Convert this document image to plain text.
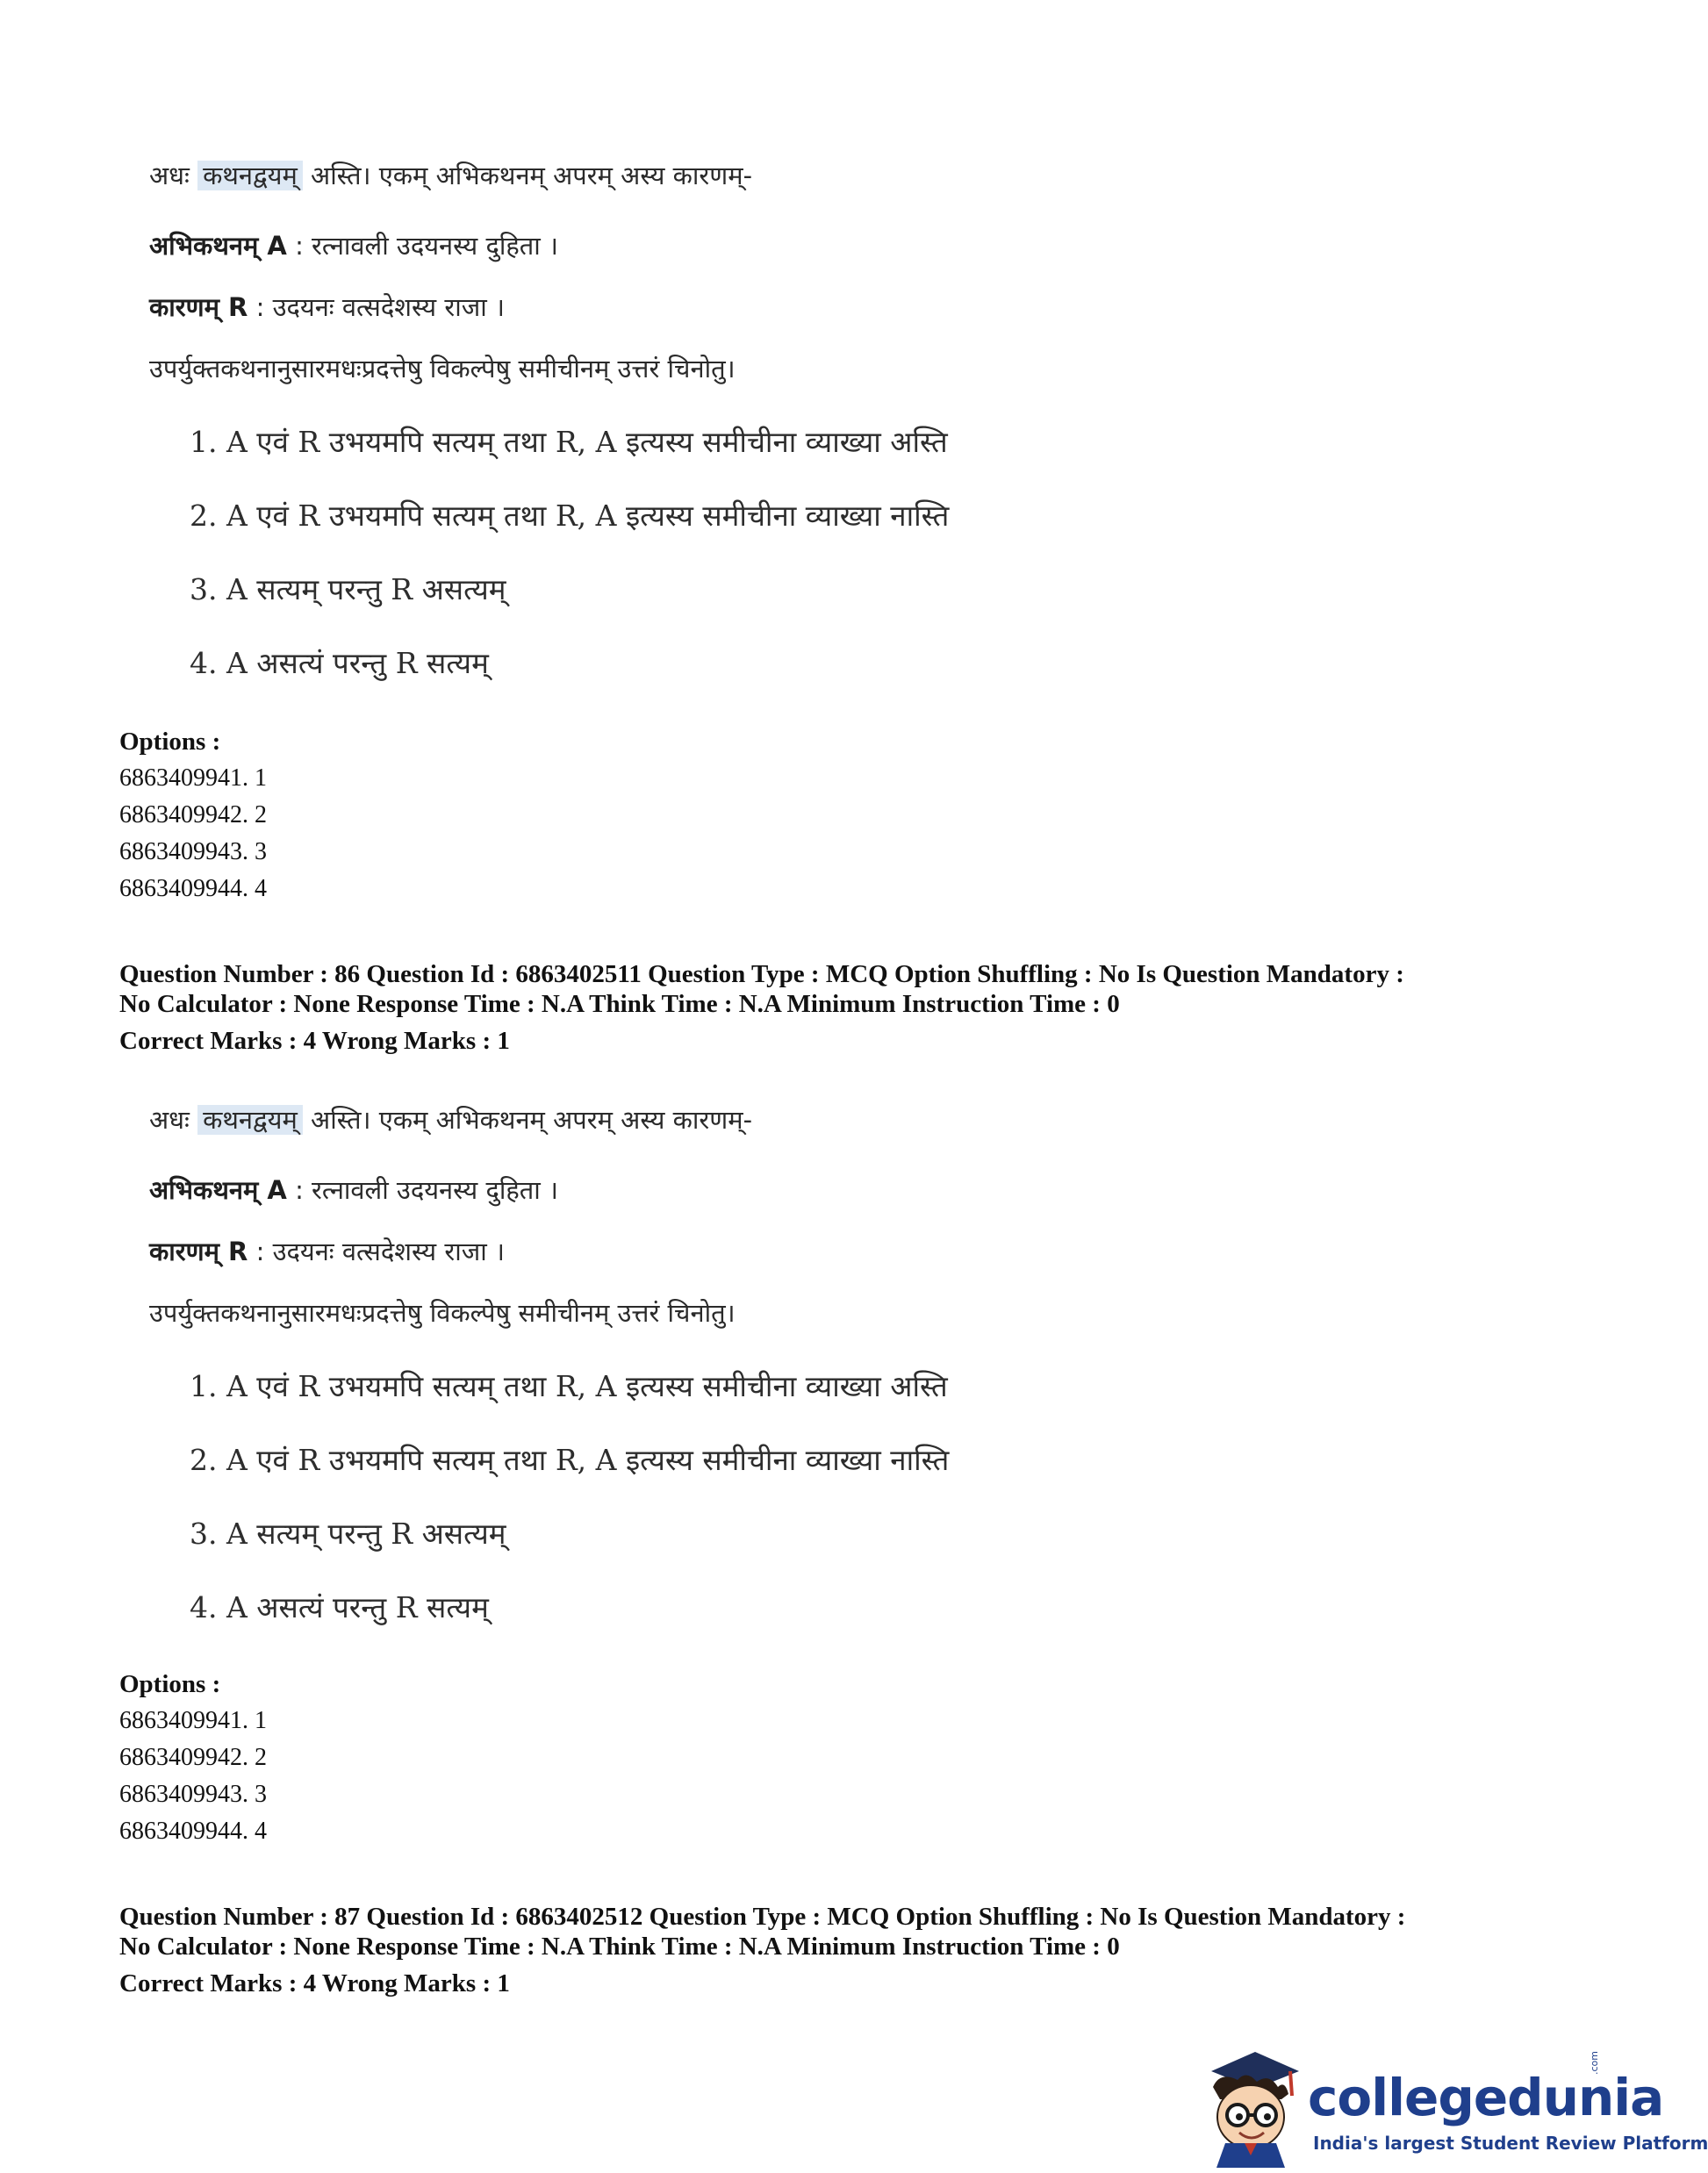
अधः कथनद्वयम् अस्ति। एकम् अभिकथनम् अपरम् अस्य कारणम्-
अभिकथनम् A : रत्नावली उदयनस्य दुहिता ।
कारणम् R : उदयनः वत्सदेशस्य राजा ।
उपर्युक्तकथनानुसारमधःप्रदत्तेषु विकल्पेषु समीचीनम् उत्तरं चिनोतु।
1. A एवं R उभयमपि सत्यम् तथा R, A इत्यस्य समीचीना व्याख्या अस्ति
2. A एवं R उभयमपि सत्यम् तथा R, A इत्यस्य समीचीना व्याख्या नास्ति
3. A सत्यम् परन्तु R असत्यम्
4. A असत्यं परन्तु R सत्यम्
Options :
6863409941. 1
6863409942. 2
6863409943. 3
6863409944. 4
Question Number : 86 Question Id : 6863402511 Question Type : MCQ Option Shuffling : No Is Question Mandatory :
No Calculator : None Response Time : N.A Think Time : N.A Minimum Instruction Time : 0
Correct Marks : 4 Wrong Marks : 1
अधः कथनद्वयम् अस्ति। एकम् अभिकथनम् अपरम् अस्य कारणम्-
अभिकथनम् A : रत्नावली उदयनस्य दुहिता ।
कारणम् R : उदयनः वत्सदेशस्य राजा ।
उपर्युक्तकथनानुसारमधःप्रदत्तेषु विकल्पेषु समीचीनम् उत्तरं चिनोतु।
1. A एवं R उभयमपि सत्यम् तथा R, A इत्यस्य समीचीना व्याख्या अस्ति
2. A एवं R उभयमपि सत्यम् तथा R, A इत्यस्य समीचीना व्याख्या नास्ति
3. A सत्यम् परन्तु R असत्यम्
4. A असत्यं परन्तु R सत्यम्
Options :
6863409941. 1
6863409942. 2
6863409943. 3
6863409944. 4
Question Number : 87 Question Id : 6863402512 Question Type : MCQ Option Shuffling : No Is Question Mandatory :
No Calculator : None Response Time : N.A Think Time : N.A Minimum Instruction Time : 0
Correct Marks : 4 Wrong Marks : 1
collegedunia
India's largest Student Review Platform
.com
